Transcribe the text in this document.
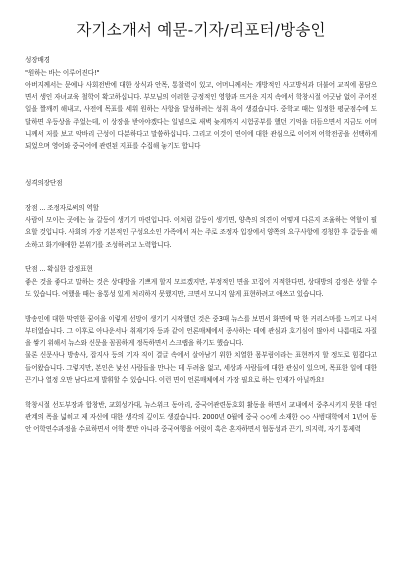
자기소개서 예문-기자/리포터/방송인
성장배경
"원하는 바는 이루어진다!"
아버지께서는 문예나 사회전반에 대한 상식과 안목, 통찰력이 있고, 어머니께서는 개방적인 사고방식과 더불어 교직에 몸담으면서 생인 자녀교육 철학이 확고하십니다. 부모님의 이러한 긍정적인 영향과 뜨거운 지지 속에서 학창시절 어긋남 없이 주어진 일을 짤깨끼 해내고, 사전에 목표를 세워 원하는 사항을 달성하려는 성취 욕이 생겼습니다. 중학교 때는 일정한 평균점수에 도달하면 우등상을 주었는데, 이 상장을 받아야겠다는 일념으로 새벽 늦게까지 시험공부를 했던 기억을 더듬으면서 지금도 어머니께서 저를 보고 악바리 근성이 다분하다고 말씀하십니다. 그리고 이것이 연이에 대한 관심으로 이어져 어학전공을 선택하게 되었으며 영어와 중국어에 관련된 지표를 수집해 놓기도 합니다
성격의장단점
장점 ... 조정자로써의 역할
사람이 모이는 곳에는 늘 갈등이 생기기 마련입니다. 이처럼 갈등이 생기면, 양측의 의견이 어떻게 다른지 조율하는 역할이 필요할 것입니다. 사회의 가장 기본적인 구성요소인 가족에서 저는 주로 조정자 입장에서 양쪽의 요구사항에 경청한 후 갈등을 해소하고 화기애애한 분위기를 조성하려고 노력합니다.
단점 ... 확실한 감정표현
좋은 것을 좋다고 말하는 것은 상대방을 기쁘게 할지 모르겠지만, 부정적인 면을 꼬집어 지적한다면, 상대방의 감정은 상할 수도 있습니다. 여했을 때는 융통성 있게 처리하지 못했지만, 크면서 모니지 않게 표현하려고 애쓰고 있습니다.
방송인에 대한 막연한 꿈이을 이렇게 선망이 생기기 시작했던 것은 중3때 뉴스를 보면서 화면에 딱 한 커리스마를 느끼고 나서부터였습니다. 그 이후로 아나운서나 취재기자 등과 같이 언론매체에서 종사하는 데에 관심과 호기심이 많아서 나름대로 자질을 쌓기 위해서 뉴스와 신문을 꼼꼼하게 정독하면서 스크랩을 하기도 했습니다.
물론 신문사나 방송사, 잡지사 등의 기자 직이 결글 속에서 살아남기 위한 치열한 몸부림이라는 표현까지 할 정도로 힘겹다고 들어왔습니다. 그렇지만, 본인은 낯선 사람들을 만나는 데 두려움 없고, 세상과 사람들에 대한 관심이 있으며, 목표한 일에 대한 끈기나 열정 오만 남다르게 발휘할 수 있습니다. 이런 면이 언론매체에서 가장 필요로 하는 인재가 아닐까요!
학창시절 선도부장과 합창반, 교회성가대, 뉴스위크 동아리, 중국어관련동호회 활동을 하면서 교내에서 중추시키지 못한 대인관계의 폭을 넓히고 제 자신에 대한 생각의 깊이도 생겼습니다. 2000년 0월에 중국 ◇◇에 소재한 ◇◇ 사범대학에서 1년여 동안 어학연수과정을 수료하면서 어학 뿐만 아니라 중국여행을 여럿이 혹은 혼자하면서 협동성과 끈기, 의지력, 자기 통제력
